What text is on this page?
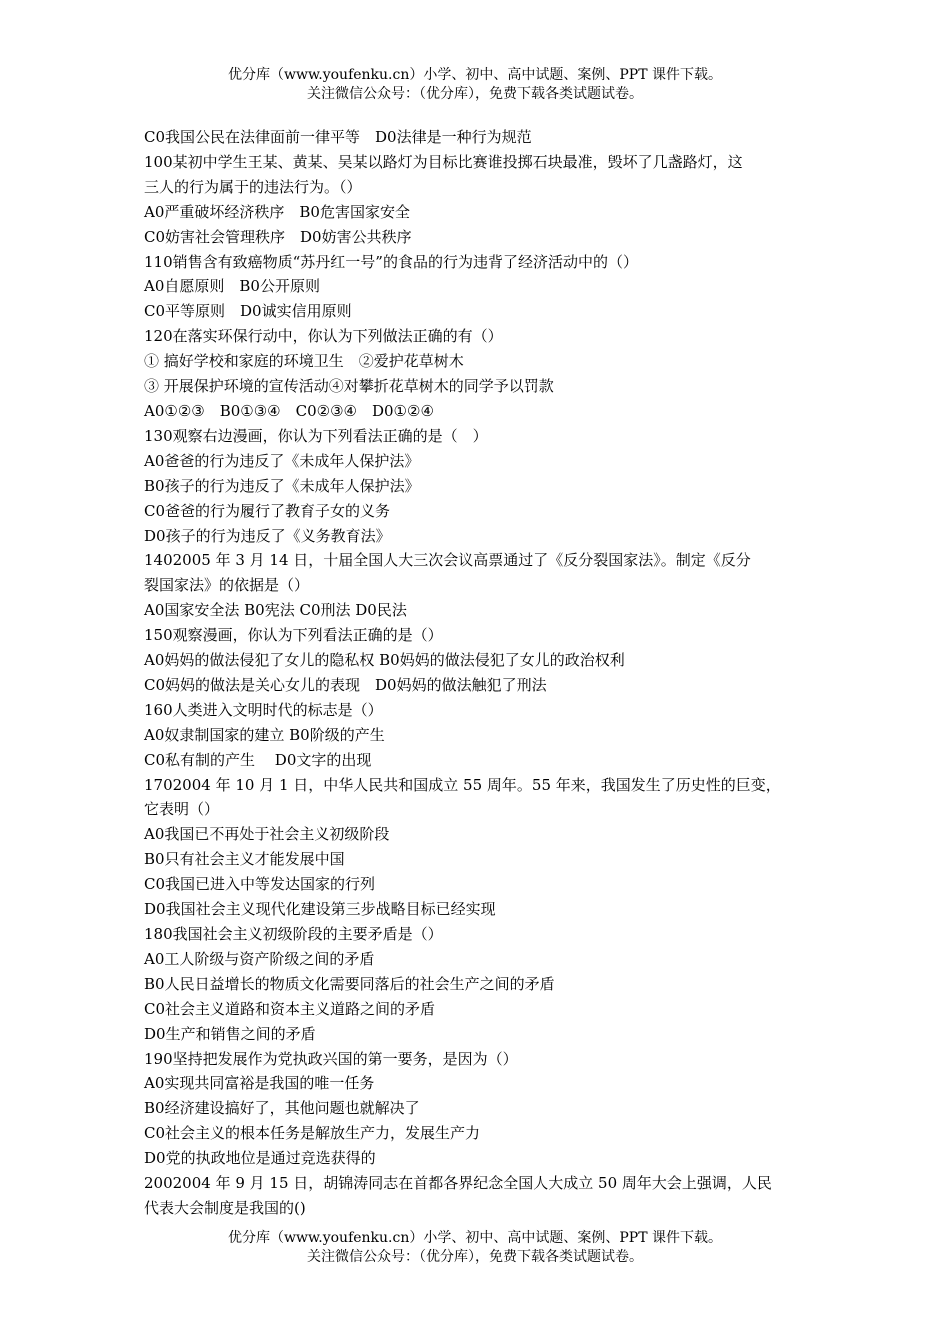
优分库（www.youfenku.cn）小学、初中、高中试题、案例、PPT 课件下载。
关注微信公众号：（优分库），免费下载各类试题试卷。
C0我国公民在法律面前一律平等　D0法律是一种行为规范
100某初中学生王某、黄某、吴某以路灯为目标比赛谁投掷石块最准，毁坏了几盏路灯，这
三人的行为属于的违法行为。（）
A0严重破坏经济秩序　B0危害国家安全
C0妨害社会管理秩序　D0妨害公共秩序
110销售含有致癌物质“苏丹红一号”的食品的行为违背了经济活动中的（）
A0自愿原则　B0公开原则
C0平等原则　D0诚实信用原则
120在落实环保行动中，你认为下列做法正确的有（）
① 搞好学校和家庭的环境卫生　②爱护花草树木
③ 开展保护环境的宣传活动④对攀折花草树木的同学予以罚款
A0①②③　B0①③④　C0②③④　D0①②④
130观察右边漫画，你认为下列看法正确的是（　）
A0爸爸的行为违反了《未成年人保护法》
B0孩子的行为违反了《未成年人保护法》
C0爸爸的行为履行了教育子女的义务
D0孩子的行为违反了《义务教育法》
1402005 年 3 月 14 日，十届全国人大三次会议高票通过了《反分裂国家法》。制定《反分
裂国家法》的依据是（）
A0国家安全法 B0宪法 C0刑法 D0民法
150观察漫画，你认为下列看法正确的是（）
A0妈妈的做法侵犯了女儿的隐私权 B0妈妈的做法侵犯了女儿的政治权利
C0妈妈的做法是关心女儿的表现　D0妈妈的做法触犯了刑法
160人类进入文明时代的标志是（）
A0奴隶制国家的建立 B0阶级的产生
C0私有制的产生　 D0文字的出现
1702004 年 10 月 1 日，中华人民共和国成立 55 周年。55 年来，我国发生了历史性的巨变，
它表明（）
A0我国已不再处于社会主义初级阶段
B0只有社会主义才能发展中国
C0我国已进入中等发达国家的行列
D0我国社会主义现代化建设第三步战略目标已经实现
180我国社会主义初级阶段的主要矛盾是（）
A0工人阶级与资产阶级之间的矛盾
B0人民日益增长的物质文化需要同落后的社会生产之间的矛盾
C0社会主义道路和资本主义道路之间的矛盾
D0生产和销售之间的矛盾
190坚持把发展作为党执政兴国的第一要务，是因为（）
A0实现共同富裕是我国的唯一任务
B0经济建设搞好了，其他问题也就解决了
C0社会主义的根本任务是解放生产力，发展生产力
D0党的执政地位是通过竞选获得的
2002004 年 9 月 15 日，胡锦涛同志在首都各界纪念全国人大成立 50 周年大会上强调，人民
代表大会制度是我国的()
优分库（www.youfenku.cn）小学、初中、高中试题、案例、PPT 课件下载。
关注微信公众号：（优分库），免费下载各类试题试卷。
